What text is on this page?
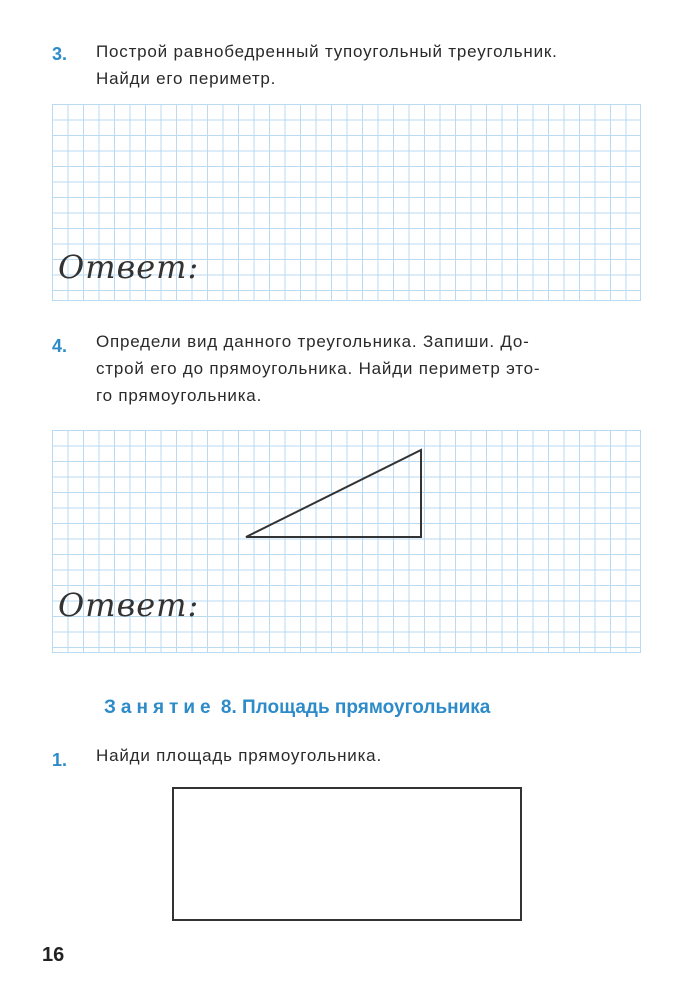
3. Построй равнобедренный тупоугольный треугольник.
Найди его периметр.
Ответ:
4. Определи вид данного треугольника. Запиши. До-
строй его до прямоугольника. Найди периметр это-
го прямоугольника.
Ответ:
Занятие 8. Площадь прямоугольника
1. Найди площадь прямоугольника.
16
